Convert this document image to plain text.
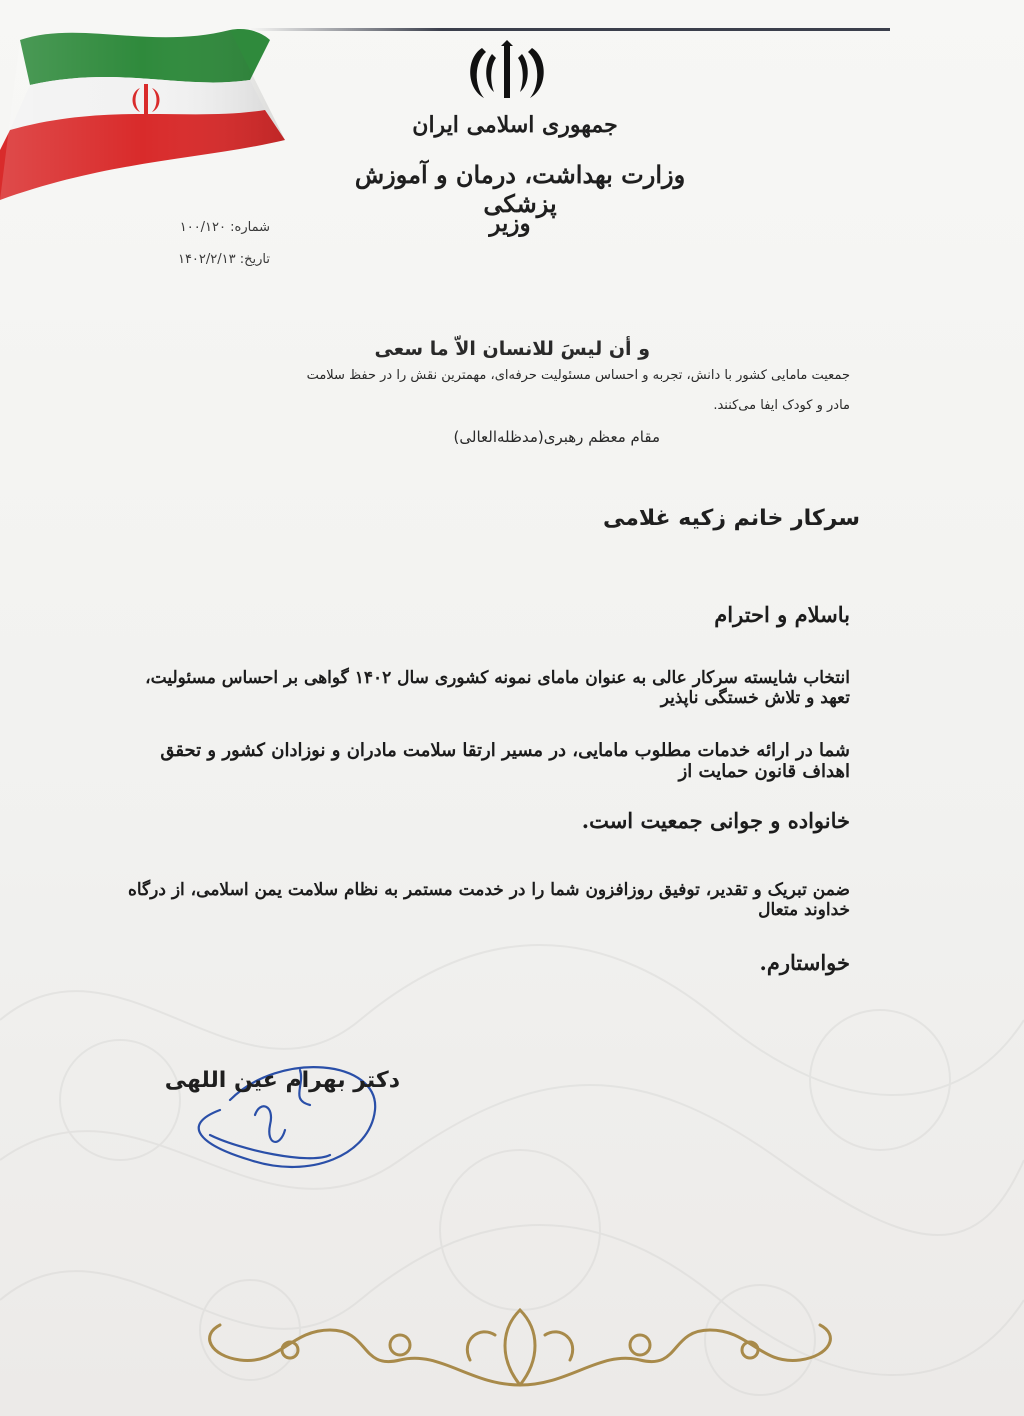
جمهوری اسلامی ایران
وزارت بهداشت، درمان و آموزش پزشکی
وزیر
شماره: ۱۰۰/۱۲۰
تاریخ: ۱۴۰۲/۲/۱۳
و أن لیسَ للانسان الاّ ما سعی
جمعیت مامایی کشور با دانش، تجربه و احساس مسئولیت حرفه‌ای، مهمترین نقش را در حفظ سلامت
مادر و کودک ایفا می‌کنند.
مقام معظم رهبری(مدظله‌العالی)
سرکار خانم زکیه غلامی
باسلام و احترام
انتخاب شایسته سرکار عالی به عنوان مامای نمونه کشوری سال ۱۴۰۲ گواهی بر احساس مسئولیت، تعهد و تلاش خستگی ناپذیر
شما در ارائه خدمات مطلوب مامایی، در مسیر ارتقا سلامت مادران و نوزادان کشور و تحقق اهداف قانون حمایت از
خانواده و جوانی جمعیت است.
ضمن تبریک و تقدیر، توفیق روزافزون شما را در خدمت مستمر به نظام سلامت یمن اسلامی، از درگاه خداوند متعال
خواستارم.
دکتر بهرام عین اللهی
